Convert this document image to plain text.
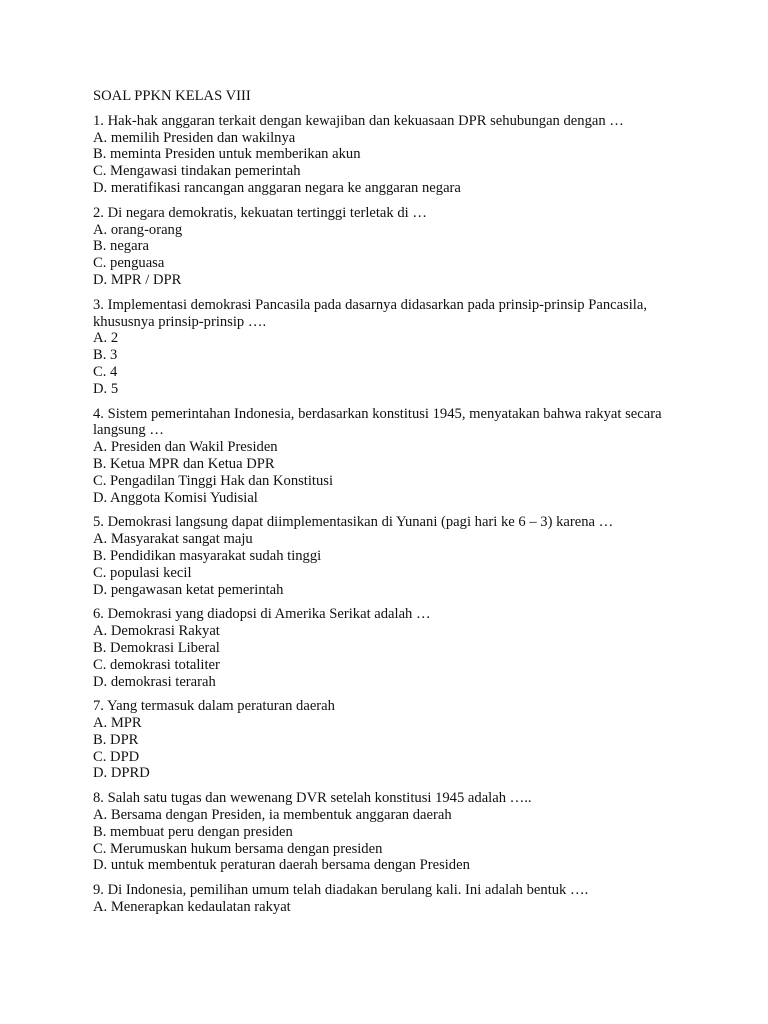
SOAL PPKN KELAS VIII
1. Hak-hak anggaran terkait dengan kewajiban dan kekuasaan DPR sehubungan dengan …
A. memilih Presiden dan wakilnya
B. meminta Presiden untuk memberikan akun
C. Mengawasi tindakan pemerintah
D. meratifikasi rancangan anggaran negara ke anggaran negara
2. Di negara demokratis, kekuatan tertinggi terletak di …
A. orang-orang
B. negara
C. penguasa
D. MPR / DPR
3. Implementasi demokrasi Pancasila pada dasarnya didasarkan pada prinsip-prinsip Pancasila, khususnya prinsip-prinsip ….
A. 2
B. 3
C. 4
D. 5
4. Sistem pemerintahan Indonesia, berdasarkan konstitusi 1945, menyatakan bahwa rakyat secara langsung …
A. Presiden dan Wakil Presiden
B. Ketua MPR dan Ketua DPR
C. Pengadilan Tinggi Hak dan Konstitusi
D. Anggota Komisi Yudisial
5. Demokrasi langsung dapat diimplementasikan di Yunani (pagi hari ke 6 – 3) karena …
A. Masyarakat sangat maju
B. Pendidikan masyarakat sudah tinggi
C. populasi kecil
D. pengawasan ketat pemerintah
6. Demokrasi yang diadopsi di Amerika Serikat adalah …
A. Demokrasi Rakyat
B. Demokrasi Liberal
C. demokrasi totaliter
D. demokrasi terarah
7. Yang termasuk dalam peraturan daerah
A. MPR
B. DPR
C. DPD
D. DPRD
8. Salah satu tugas dan wewenang DVR setelah konstitusi 1945 adalah …..
A. Bersama dengan Presiden, ia membentuk anggaran daerah
B. membuat peru dengan presiden
C. Merumuskan hukum bersama dengan presiden
D. untuk membentuk peraturan daerah bersama dengan Presiden
9. Di Indonesia, pemilihan umum telah diadakan berulang kali. Ini adalah bentuk ….
A. Menerapkan kedaulatan rakyat
